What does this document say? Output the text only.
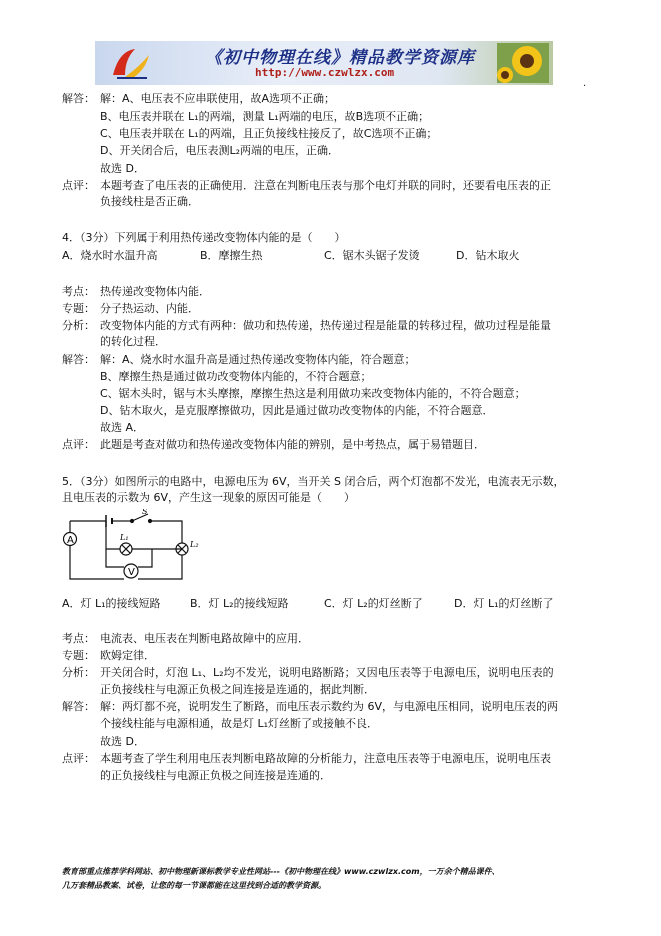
《初中物理在线》精品教学资源库
http://www.czwlzx.com
.
解答： 解：A、电压表不应串联使用，故A选项不正确；
B、电压表并联在 L₁的两端，测量 L₁两端的电压，故B选项不正确；
C、电压表并联在 L₁的两端，且正负接线柱接反了，故C选项不正确；
D、开关闭合后，电压表测L₂两端的电压，正确．
故选 D．
点评： 本题考查了电压表的正确使用．注意在判断电压表与那个电灯并联的同时，还要看电压表的正
负接线柱是否正确．
4．（3分）下列属于利用热传递改变物体内能的是（　　）
A．烧水时水温升高	B．摩擦生热	C．锯木头锯子发烫	D．钻木取火
考点： 热传递改变物体内能．
专题： 分子热运动、内能．
分析： 改变物体内能的方式有两种：做功和热传递，热传递过程是能量的转移过程，做功过程是能量
的转化过程．
解答： 解：A、烧水时水温升高是通过热传递改变物体内能，符合题意；
B、摩擦生热是通过做功改变物体内能的，不符合题意；
C、锯木头时，锯与木头摩擦，摩擦生热这是利用做功来改变物体内能的，不符合题意；
D、钻木取火，是克服摩擦做功，因此是通过做功改变物体的内能，不符合题意．
故选 A．
点评： 此题是考查对做功和热传递改变物体内能的辨别，是中考热点，属于易错题目．
5．（3分）如图所示的电路中，电源电压为 6V，当开关 S 闭合后，两个灯泡都不发光，电流表无示数，
且电压表的示数为 6V，产生这一现象的原因可能是（　　）
A
V
S
L₁
L₂
A．灯 L₁的接线短路	B．灯 L₂的接线短路	C．灯 L₂的灯丝断了	D．灯 L₁的灯丝断了
考点： 电流表、电压表在判断电路故障中的应用．
专题： 欧姆定律．
分析： 开关闭合时，灯泡 L₁、L₂均不发光，说明电路断路；又因电压表等于电源电压，说明电压表的
正负接线柱与电源正负极之间连接是连通的，据此判断．
解答： 解：两灯都不亮，说明发生了断路，而电压表示数约为 6V，与电源电压相同，说明电压表的两
个接线柱能与电源相通，故是灯 L₁灯丝断了或接触不良．
故选 D．
点评： 本题考查了学生利用电压表判断电路故障的分析能力，注意电压表等于电源电压，说明电压表
的正负接线柱与电源正负极之间连接是连通的．
教育部重点推荐学科网站、初中物理新课标教学专业性网站---《初中物理在线》www.czwlzx.com，一万余个精品课件、
几万套精品教案、试卷，让您的每一节课都能在这里找到合适的教学资源。
